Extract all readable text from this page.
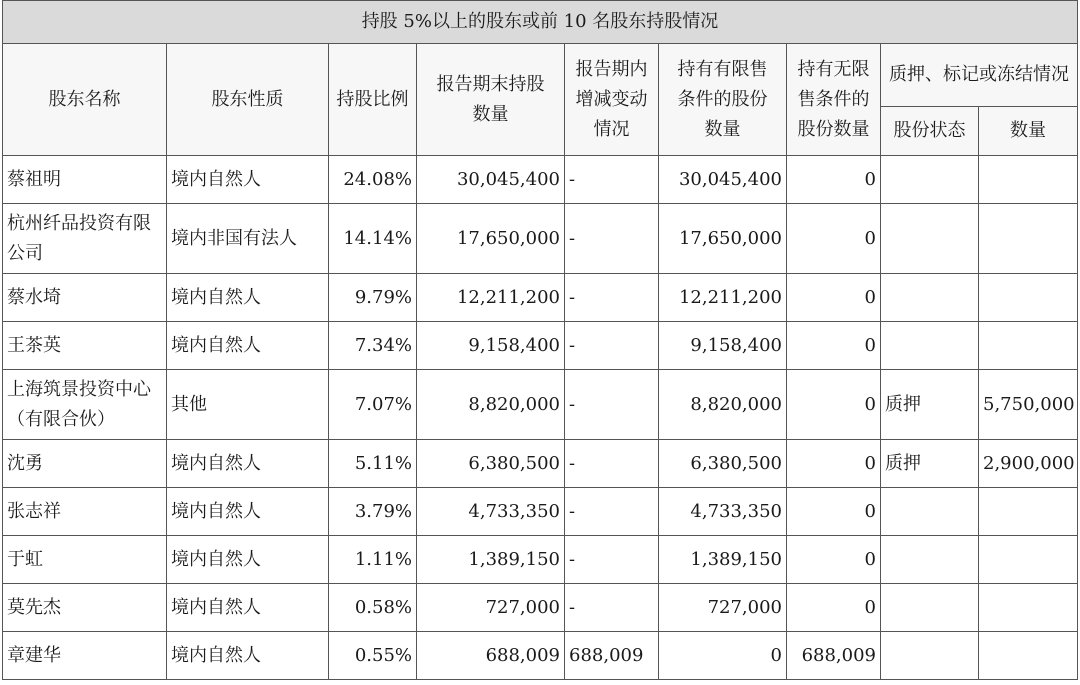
持股 5%以上的股东或前 10 名股东持股情况								
股东名称	股东性质	持股比例	报告期末持股数量	报告期内增减变动情况	持有有限售条件的股份数量	持有无限售条件的股份数量	质押、标记或冻结情况	
							股份状态	数量
蔡祖明	境内自然人	24.08%	30,045,400	-	30,045,400	0		
杭州纤品投资有限公司	境内非国有法人	14.14%	17,650,000	-	17,650,000	0		
蔡水埼	境内自然人	9.79%	12,211,200	-	12,211,200	0		
王茶英	境内自然人	7.34%	9,158,400	-	9,158,400	0		
上海筑景投资中心（有限合伙）	其他	7.07%	8,820,000	-	8,820,000	0	质押	5,750,000
沈勇	境内自然人	5.11%	6,380,500	-	6,380,500	0	质押	2,900,000
张志祥	境内自然人	3.79%	4,733,350	-	4,733,350	0		
于虹	境内自然人	1.11%	1,389,150	-	1,389,150	0		
莫先杰	境内自然人	0.58%	727,000	-	727,000	0		
章建华	境内自然人	0.55%	688,009	688,009	0	688,009		
